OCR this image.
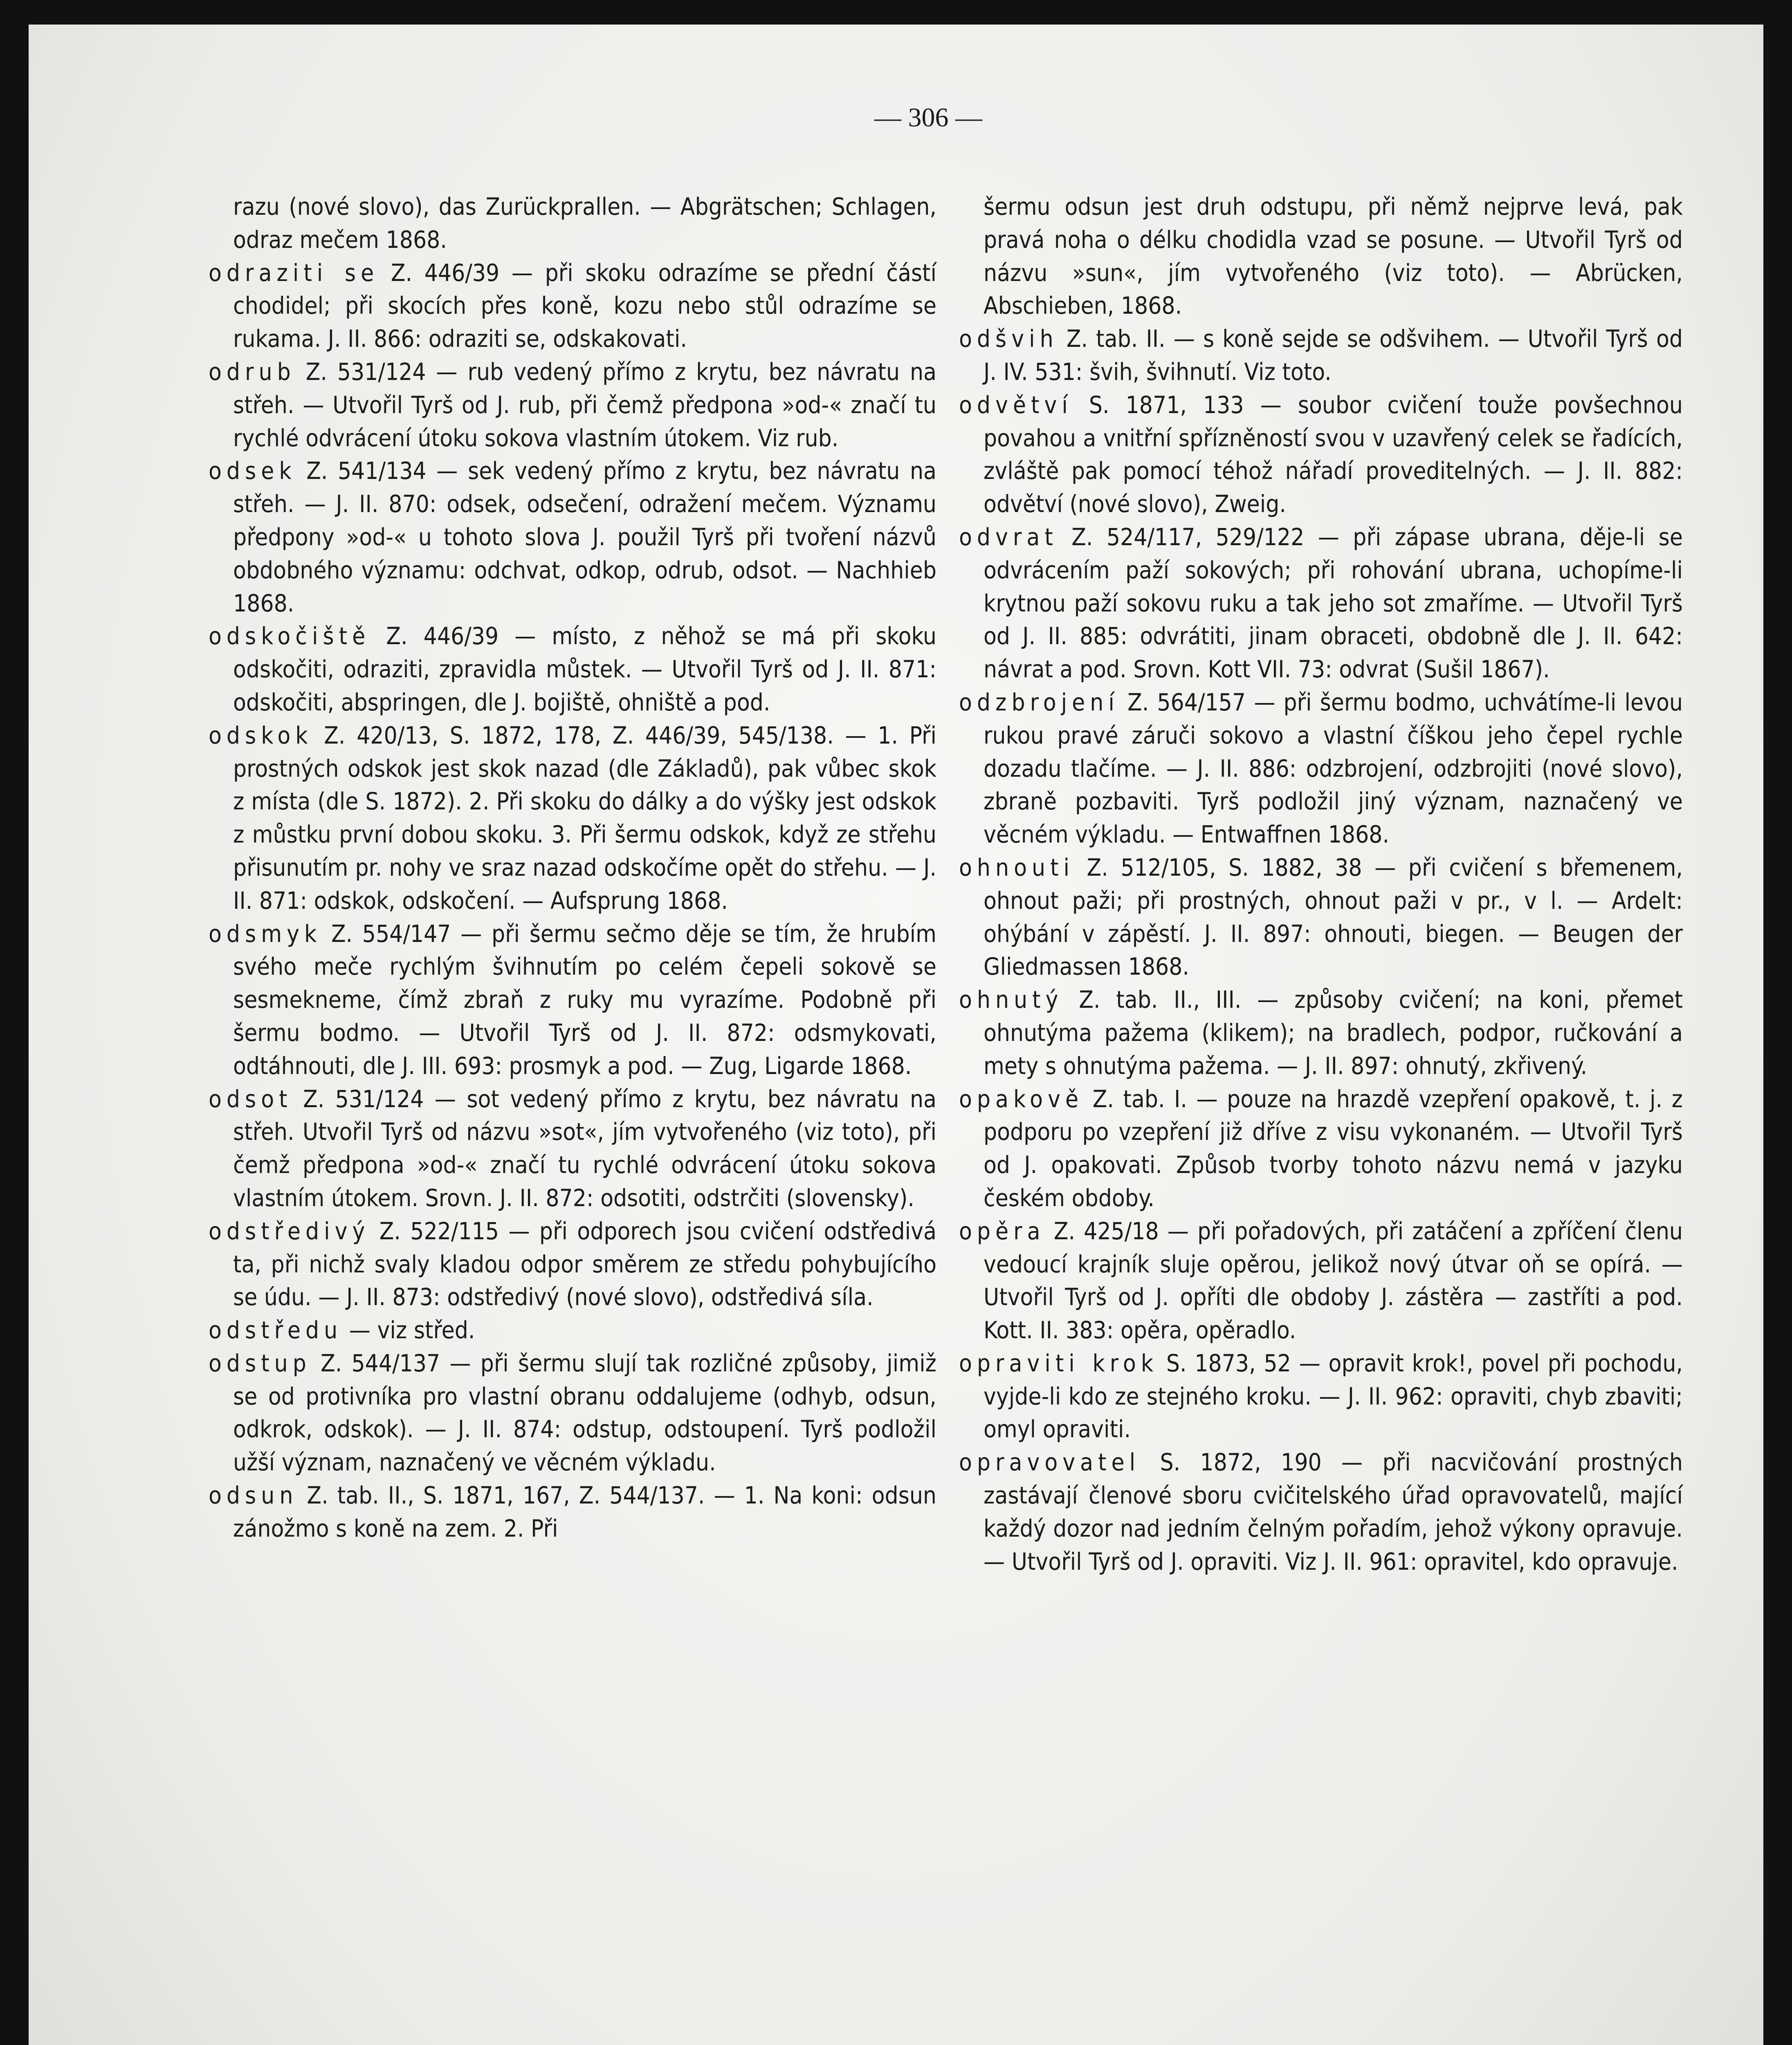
— 306 —

razu (nové slovo), das Zurückprallen. — Abgrätschen; Schlagen, odraz mečem 1868.

odraziti se Z. 446/39 — při skoku odrazíme se přední částí chodidel; při skocích přes koně, kozu nebo stůl odrazíme se rukama. J. II. 866: odraziti se, odskakovati.

odrub Z. 531/124 — rub vedený přímo z krytu, bez návratu na střeh. — Utvořil Tyrš od J. rub, při čemž předpona »od-« značí tu rychlé odvrácení útoku sokova vlastním útokem. Viz rub.

odsek Z. 541/134 — sek vedený přímo z krytu, bez návratu na střeh. — J. II. 870: odsek, odsečení, odražení mečem. Významu předpony »od-« u tohoto slova J. použil Tyrš při tvoření názvů obdobného významu: odchvat, odkop, odrub, odsot. — Nachhieb 1868.

odskočiště Z. 446/39 — místo, z něhož se má při skoku odskočiti, odraziti, zpravidla můstek. — Utvořil Tyrš od J. II. 871: odskočiti, abspringen, dle J. bojiště, ohniště a pod.

odskok Z. 420/13, S. 1872, 178, Z. 446/39, 545/138. — 1. Při prostných odskok jest skok nazad (dle Základů), pak vůbec skok z místa (dle S. 1872). 2. Při skoku do dálky a do výšky jest odskok z můstku první dobou skoku. 3. Při šermu odskok, když ze střehu přisunutím pr. nohy ve sraz nazad odskočíme opět do střehu. — J. II. 871: odskok, odskočení. — Aufsprung 1868.

odsmyk Z. 554/147 — při šermu sečmo děje se tím, že hrubím svého meče rychlým švihnutím po celém čepeli sokově se sesmekneme, čímž zbraň z ruky mu vyrazíme. Podobně při šermu bodmo. — Utvořil Tyrš od J. II. 872: odsmykovati, odtáhnouti, dle J. III. 693: prosmyk a pod. — Zug, Ligarde 1868.

odsot Z. 531/124 — sot vedený přímo z krytu, bez návratu na střeh. Utvořil Tyrš od názvu »sot«, jím vytvořeného (viz toto), při čemž předpona »od-« značí tu rychlé odvrácení útoku sokova vlastním útokem. Srovn. J. II. 872: odsotiti, odstrčiti (slovensky).

odstředivý Z. 522/115 — při odporech jsou cvičení odstředivá ta, při nichž svaly kladou odpor směrem ze středu pohybujícího se údu. — J. II. 873: odstředivý (nové slovo), odstředivá síla.

odstředu — viz střed.

odstup Z. 544/137 — při šermu slují tak rozličné způsoby, jimiž se od protivníka pro vlastní obranu oddalujeme (odhyb, odsun, odkrok, odskok). — J. II. 874: odstup, odstoupení. Tyrš podložil užší význam, naznačený ve věcném výkladu.

odsun Z. tab. II., S. 1871, 167, Z. 544/137. — 1. Na koni: odsun zánožmo s koně na zem. 2. Při

šermu odsun jest druh odstupu, při němž nejprve levá, pak pravá noha o délku chodidla vzad se posune. — Utvořil Tyrš od názvu »sun«, jím vytvořeného (viz toto). — Abrücken, Abschieben, 1868.

odšvih Z. tab. II. — s koně sejde se odšvihem. — Utvořil Tyrš od J. IV. 531: švih, švihnutí. Viz toto.

odvětví S. 1871, 133 — soubor cvičení touže povšechnou povahou a vnitřní spřízněností svou v uzavřený celek se řadících, zvláště pak pomocí téhož nářadí proveditelných. — J. II. 882: odvětví (nové slovo), Zweig.

odvrat Z. 524/117, 529/122 — při zápase ubrana, děje-li se odvrácením paží sokových; při rohování ubrana, uchopíme-li krytnou paží sokovu ruku a tak jeho sot zmaříme. — Utvořil Tyrš od J. II. 885: odvrátiti, jinam obraceti, obdobně dle J. II. 642: návrat a pod. Srovn. Kott VII. 73: odvrat (Sušil 1867).

odzbrojení Z. 564/157 — při šermu bodmo, uchvátíme-li levou rukou pravé záruči sokovo a vlastní číškou jeho čepel rychle dozadu tlačíme. — J. II. 886: odzbrojení, odzbrojiti (nové slovo), zbraně pozbaviti. Tyrš podložil jiný význam, naznačený ve věcném výkladu. — Entwaffnen 1868.

ohnouti Z. 512/105, S. 1882, 38 — při cvičení s břemenem, ohnout paži; při prostných, ohnout paži v pr., v l. — Ardelt: ohýbání v zápěstí. J. II. 897: ohnouti, biegen. — Beugen der Gliedmassen 1868.

ohnutý Z. tab. II., III. — způsoby cvičení; na koni, přemet ohnutýma pažema (klikem); na bradlech, podpor, ručkování a mety s ohnutýma pažema. — J. II. 897: ohnutý, zkřivený.

opakově Z. tab. I. — pouze na hrazdě vzepření opakově, t. j. z podporu po vzepření již dříve z visu vykonaném. — Utvořil Tyrš od J. opakovati. Způsob tvorby tohoto názvu nemá v jazyku českém obdoby.

opěra Z. 425/18 — při pořadových, při zatáčení a zpříčení členu vedoucí krajník sluje opěrou, jelikož nový útvar oň se opírá. — Utvořil Tyrš od J. opříti dle obdoby J. zástěra — zastříti a pod. Kott. II. 383: opěra, opěradlo.

opraviti krok S. 1873, 52 — opravit krok!, povel při pochodu, vyjde-li kdo ze stejného kroku. — J. II. 962: opraviti, chyb zbaviti; omyl opraviti.

opravovatel S. 1872, 190 — při nacvičování prostných zastávají členové sboru cvičitelského úřad opravovatelů, mající každý dozor nad jedním čelným pořadím, jehož výkony opravuje. — Utvořil Tyrš od J. opraviti. Viz J. II. 961: opravitel, kdo opravuje.
